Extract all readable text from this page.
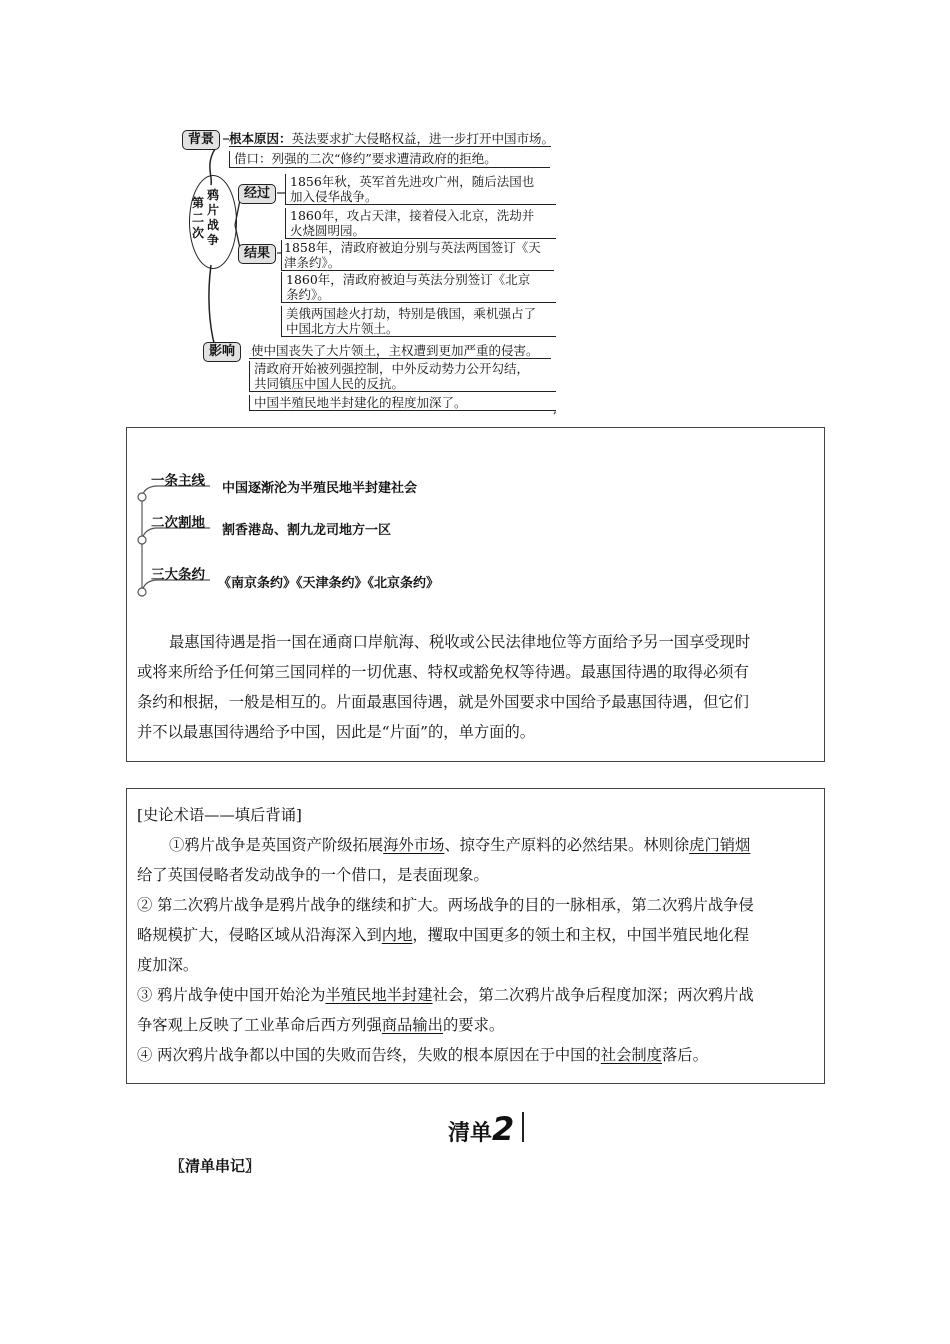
第
二
次
鸦
片
战
争
背景
经过
结果
影响
根本原因：英法要求扩大侵略权益，进一步打开中国市场。
借口：列强的二次“修约”要求遭清政府的拒绝。
1856年秋，英军首先进攻广州，随后法国也
加入侵华战争。
1860年，攻占天津，接着侵入北京，洗劫并
火烧圆明园。
1858年，清政府被迫分别与英法两国签订《天
津条约》。
1860年，清政府被迫与英法分别签订《北京
条约》。
美俄两国趁火打劫，特别是俄国，乘机强占了
中国北方大片领土。
使中国丧失了大片领土，主权遭到更加严重的侵害。
清政府开始被列强控制，中外反动势力公开勾结，
共同镇压中国人民的反抗。
中国半殖民地半封建化的程度加深了。	,
一条主线 中国逐渐沦为半殖民地半封建社会
二次割地 割香港岛、割九龙司地方一区
三大条约
《南京条约》《天津条约》《北京条约》

最惠国待遇是指一国在通商口岸航海、税收或公民法律地位等方面给予另一国享受现时

或将来所给予任何第三国同样的一切优惠、特权或豁免权等待遇。最惠国待遇的取得必须有

条约和根据，一般是相互的。片面最惠国待遇，就是外国要求中国给予最惠国待遇，但它们

并不以最惠国待遇给予中国，因此是“片面”的，单方面的。

[史论术语——填后背诵]

①鸦片战争是英国资产阶级拓展海外市场、掠夺生产原料的必然结果。林则徐虎门销烟

给了英国侵略者发动战争的一个借口，是表面现象。

② 第二次鸦片战争是鸦片战争的继续和扩大。两场战争的目的一脉相承，第二次鸦片战争侵

略规模扩大，侵略区域从沿海深入到内地，攫取中国更多的领土和主权，中国半殖民地化程

度加深。

③ 鸦片战争使中国开始沦为半殖民地半封建社会，第二次鸦片战争后程度加深；两次鸦片战

争客观上反映了工业革命后西方列强商品输出的要求。

④ 两次鸦片战争都以中国的失败而告终，失败的根本原因在于中国的社会制度落后。

清单2
〖清单串记〗
